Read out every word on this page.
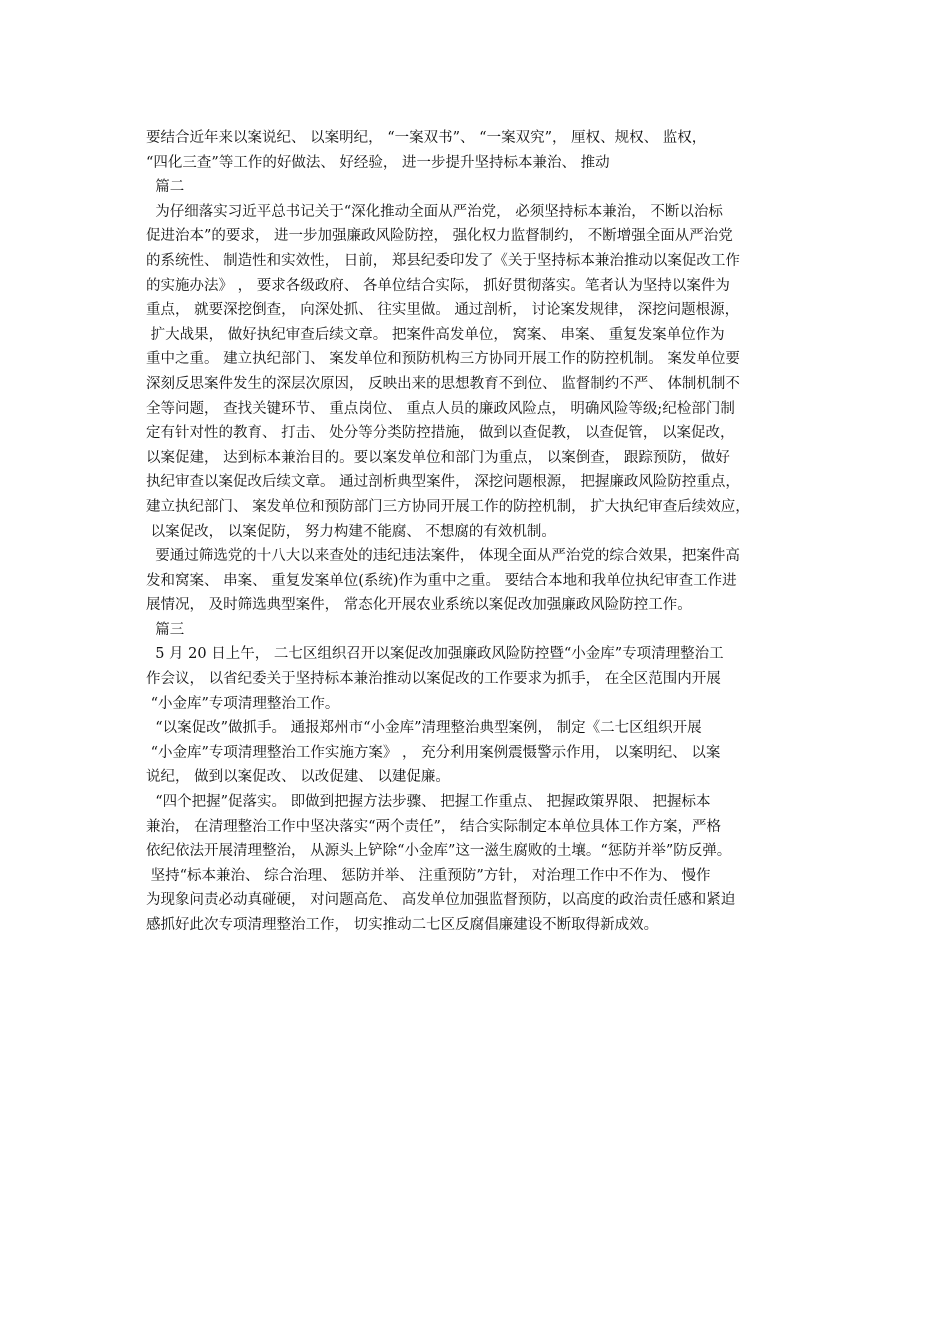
要结合近年来以案说纪、 以案明纪， “一案双书”、 “一案双究”， 厘权、规权、 监权，
“四化三查”等工作的好做法、 好经验， 进一步提升坚持标本兼治、 推动
篇二
为仔细落实习近平总书记关于“深化推动全面从严治党， 必须坚持标本兼治， 不断以治标
促进治本”的要求， 进一步加强廉政风险防控， 强化权力监督制约， 不断增强全面从严治党
的系统性、 制造性和实效性， 日前， 郑县纪委印发了《关于坚持标本兼治推动以案促改工作
的实施办法》 ， 要求各级政府、 各单位结合实际， 抓好贯彻落实。笔者认为坚持以案件为
重点， 就要深挖倒查， 向深处抓、 往实里做。 通过剖析， 讨论案发规律， 深挖问题根源，
扩大战果， 做好执纪审查后续文章。 把案件高发单位， 窝案、 串案、 重复发案单位作为
重中之重。 建立执纪部门、 案发单位和预防机构三方协同开展工作的防控机制。 案发单位要
深刻反思案件发生的深层次原因， 反映出来的思想教育不到位、 监督制约不严、 体制机制不
全等问题， 查找关键环节、 重点岗位、 重点人员的廉政风险点， 明确风险等级;纪检部门制
定有针对性的教育、 打击、 处分等分类防控措施， 做到以查促教， 以查促管， 以案促改，
以案促建， 达到标本兼治目的。要以案发单位和部门为重点， 以案倒查， 跟踪预防， 做好
执纪审查以案促改后续文章。 通过剖析典型案件， 深挖问题根源， 把握廉政风险防控重点，
建立执纪部门、 案发单位和预防部门三方协同开展工作的防控机制， 扩大执纪审查后续效应，
以案促改， 以案促防， 努力构建不能腐、 不想腐的有效机制。
要通过筛选党的十八大以来查处的违纪违法案件， 体现全面从严治党的综合效果，把案件高
发和窝案、 串案、 重复发案单位(系统)作为重中之重。 要结合本地和我单位执纪审查工作进
展情况， 及时筛选典型案件， 常态化开展农业系统以案促改加强廉政风险防控工作。
篇三
5 月 20 日上午， 二七区组织召开以案促改加强廉政风险防控暨“小金库”专项清理整治工
作会议， 以省纪委关于坚持标本兼治推动以案促改的工作要求为抓手， 在全区范围内开展
“小金库”专项清理整治工作。
“以案促改”做抓手。 通报郑州市“小金库”清理整治典型案例， 制定《二七区组织开展
“小金库”专项清理整治工作实施方案》 ， 充分利用案例震慑警示作用， 以案明纪、 以案
说纪， 做到以案促改、 以改促建、 以建促廉。
“四个把握”促落实。 即做到把握方法步骤、 把握工作重点、 把握政策界限、 把握标本
兼治， 在清理整治工作中坚决落实“两个责任”， 结合实际制定本单位具体工作方案，严格
依纪依法开展清理整治， 从源头上铲除“小金库”这一滋生腐败的土壤。“惩防并举”防反弹。
坚持“标本兼治、 综合治理、 惩防并举、 注重预防”方针， 对治理工作中不作为、 慢作
为现象问责必动真碰硬， 对问题高危、 高发单位加强监督预防，以高度的政治责任感和紧迫
感抓好此次专项清理整治工作， 切实推动二七区反腐倡廉建设不断取得新成效。
